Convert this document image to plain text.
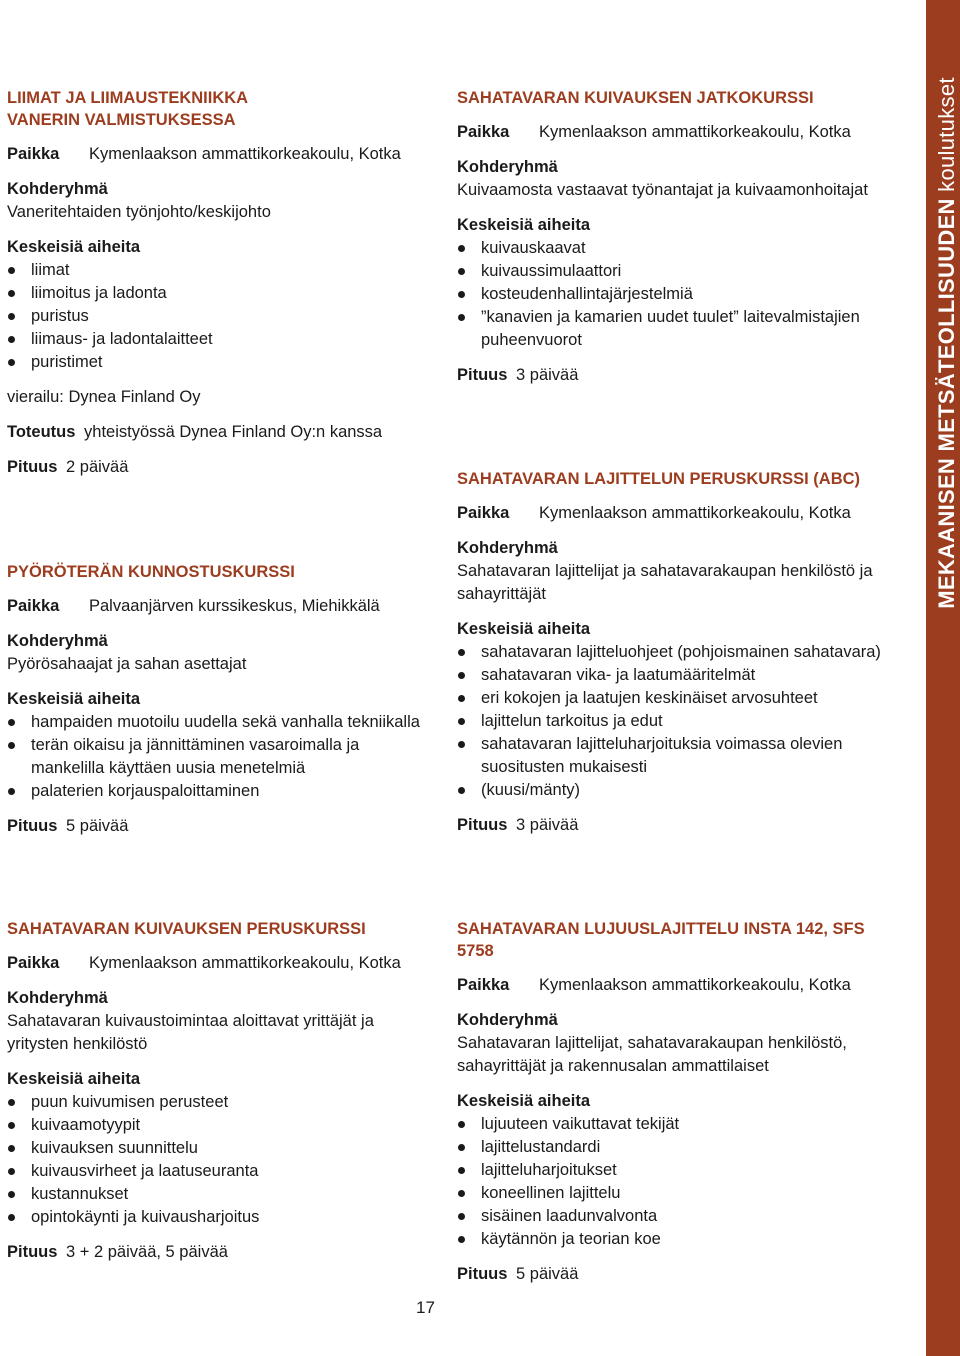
MEKAANISEN METSÄTEOLLISUUDEN koulutukset
LIIMAT JA LIIMAUSTEKNIIKKA
VANERIN VALMISTUKSESSA
Paikka	Kymenlaakson ammattikorkeakoulu, Kotka
Kohderyhmä
Vaneritehtaiden työnjohto/keskijohto
Keskeisiä aiheita
liimat
liimoitus ja ladonta
puristus
liimaus- ja ladontalaitteet
puristimet
vierailu: Dynea Finland Oy
Toteutus yhteistyössä Dynea Finland Oy:n kanssa
Pituus 2 päivää
PYÖRÖTERÄN KUNNOSTUSKURSSI
Paikka	Palvaanjärven kurssikeskus, Miehikkälä
Kohderyhmä
Pyörösahaajat ja sahan asettajat
Keskeisiä aiheita
hampaiden muotoilu uudella sekä vanhalla tekniikalla
terän oikaisu ja jännittäminen vasaroimalla ja mankelilla käyttäen uusia menetelmiä
palaterien korjauspaloittaminen
Pituus 5 päivää
SAHATAVARAN KUIVAUKSEN JATKOKURSSI
Paikka	Kymenlaakson ammattikorkeakoulu, Kotka
Kohderyhmä
Kuivaamosta vastaavat työnantajat ja kuivaamonhoitajat
Keskeisiä aiheita
kuivauskaavat
kuivaussimulaattori
kosteudenhallintajärjestelmiä
”kanavien ja kamarien uudet tuulet” laitevalmistajien puheenvuorot
Pituus 3 päivää
SAHATAVARAN LAJITTELUN PERUSKURSSI (ABC)
Paikka	Kymenlaakson ammattikorkeakoulu, Kotka
Kohderyhmä
Sahatavaran lajittelijat ja sahatavarakaupan henkilöstö ja sahayrittäjät
Keskeisiä aiheita
sahatavaran lajitteluohjeet (pohjoismainen sahatavara)
sahatavaran vika- ja laatumääritelmät
eri kokojen ja laatujen keskinäiset arvosuhteet
lajittelun tarkoitus ja edut
sahatavaran lajitteluharjoituksia voimassa olevien suositusten mukaisesti
(kuusi/mänty)
Pituus 3 päivää
SAHATAVARAN KUIVAUKSEN PERUSKURSSI
Paikka	Kymenlaakson ammattikorkeakoulu, Kotka
Kohderyhmä
Sahatavaran kuivaustoimintaa aloittavat yrittäjät ja yritysten henkilöstö
Keskeisiä aiheita
puun kuivumisen perusteet
kuivaamotyypit
kuivauksen suunnittelu
kuivausvirheet ja laatuseuranta
kustannukset
opintokäynti ja kuivausharjoitus
Pituus 3 + 2 päivää, 5 päivää
SAHATAVARAN LUJUUSLAJITTELU INSTA 142, SFS 5758
Paikka	Kymenlaakson ammattikorkeakoulu, Kotka
Kohderyhmä
Sahatavaran lajittelijat, sahatavarakaupan henkilöstö, sahayrittäjät ja rakennusalan ammattilaiset
Keskeisiä aiheita
lujuuteen vaikuttavat tekijät
lajittelustandardi
lajitteluharjoitukset
koneellinen lajittelu
sisäinen laadunvalvonta
käytännön ja teorian koe
Pituus 5 päivää
17
